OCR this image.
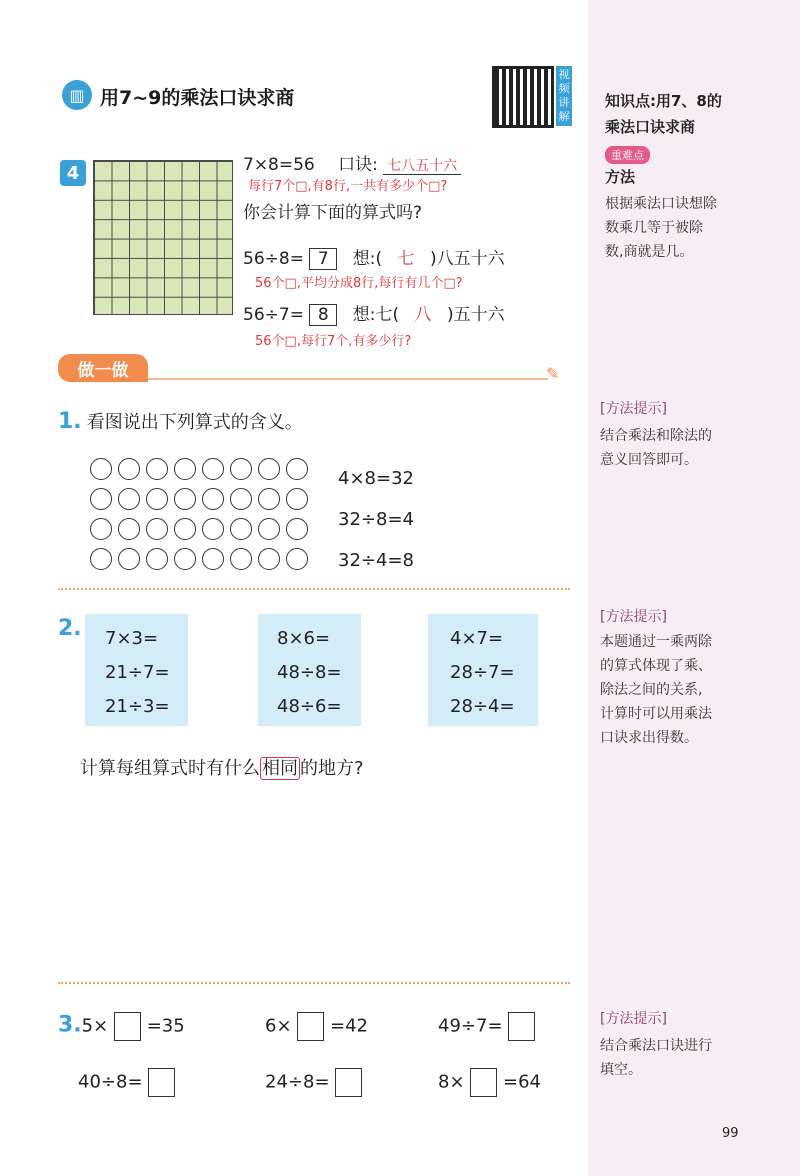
▥ 用7~9的乘法口诀求商
视
频
讲
解
4	7×8=56 口诀: 七八五十六
每行7个□,有8行,一共有多少个□?
你会计算下面的算式吗?
56÷8= 7 想:( 七 )八五十六
56个□,平均分成8行,每行有几个□?
56÷7= 8 想:七( 八 )五十六
56个□,每行7个,有多少行?
做一做	✎
1. 看图说出下列算式的含义。
4×8=32
32÷8=4
32÷4=8
2. 7×3=
21÷7=
21÷3=
8×6=
48÷8=
48÷6=
4×7=
28÷7=
28÷4=
计算每组算式时有什么 相同 的地方?
3.5× =35	6× =42	49÷7=
40÷8=	24÷8=	8× =64
知识点:用7、8的
乘法口诀求商
重难点
方法
根据乘法口诀想除
数乘几等于被除
数,商就是几。
[方法提示]
结合乘法和除法的
意义回答即可。
[方法提示]
本题通过一乘两除
的算式体现了乘、
除法之间的关系,
计算时可以用乘法
口诀求出得数。
[方法提示]
结合乘法口诀进行
填空。
99
